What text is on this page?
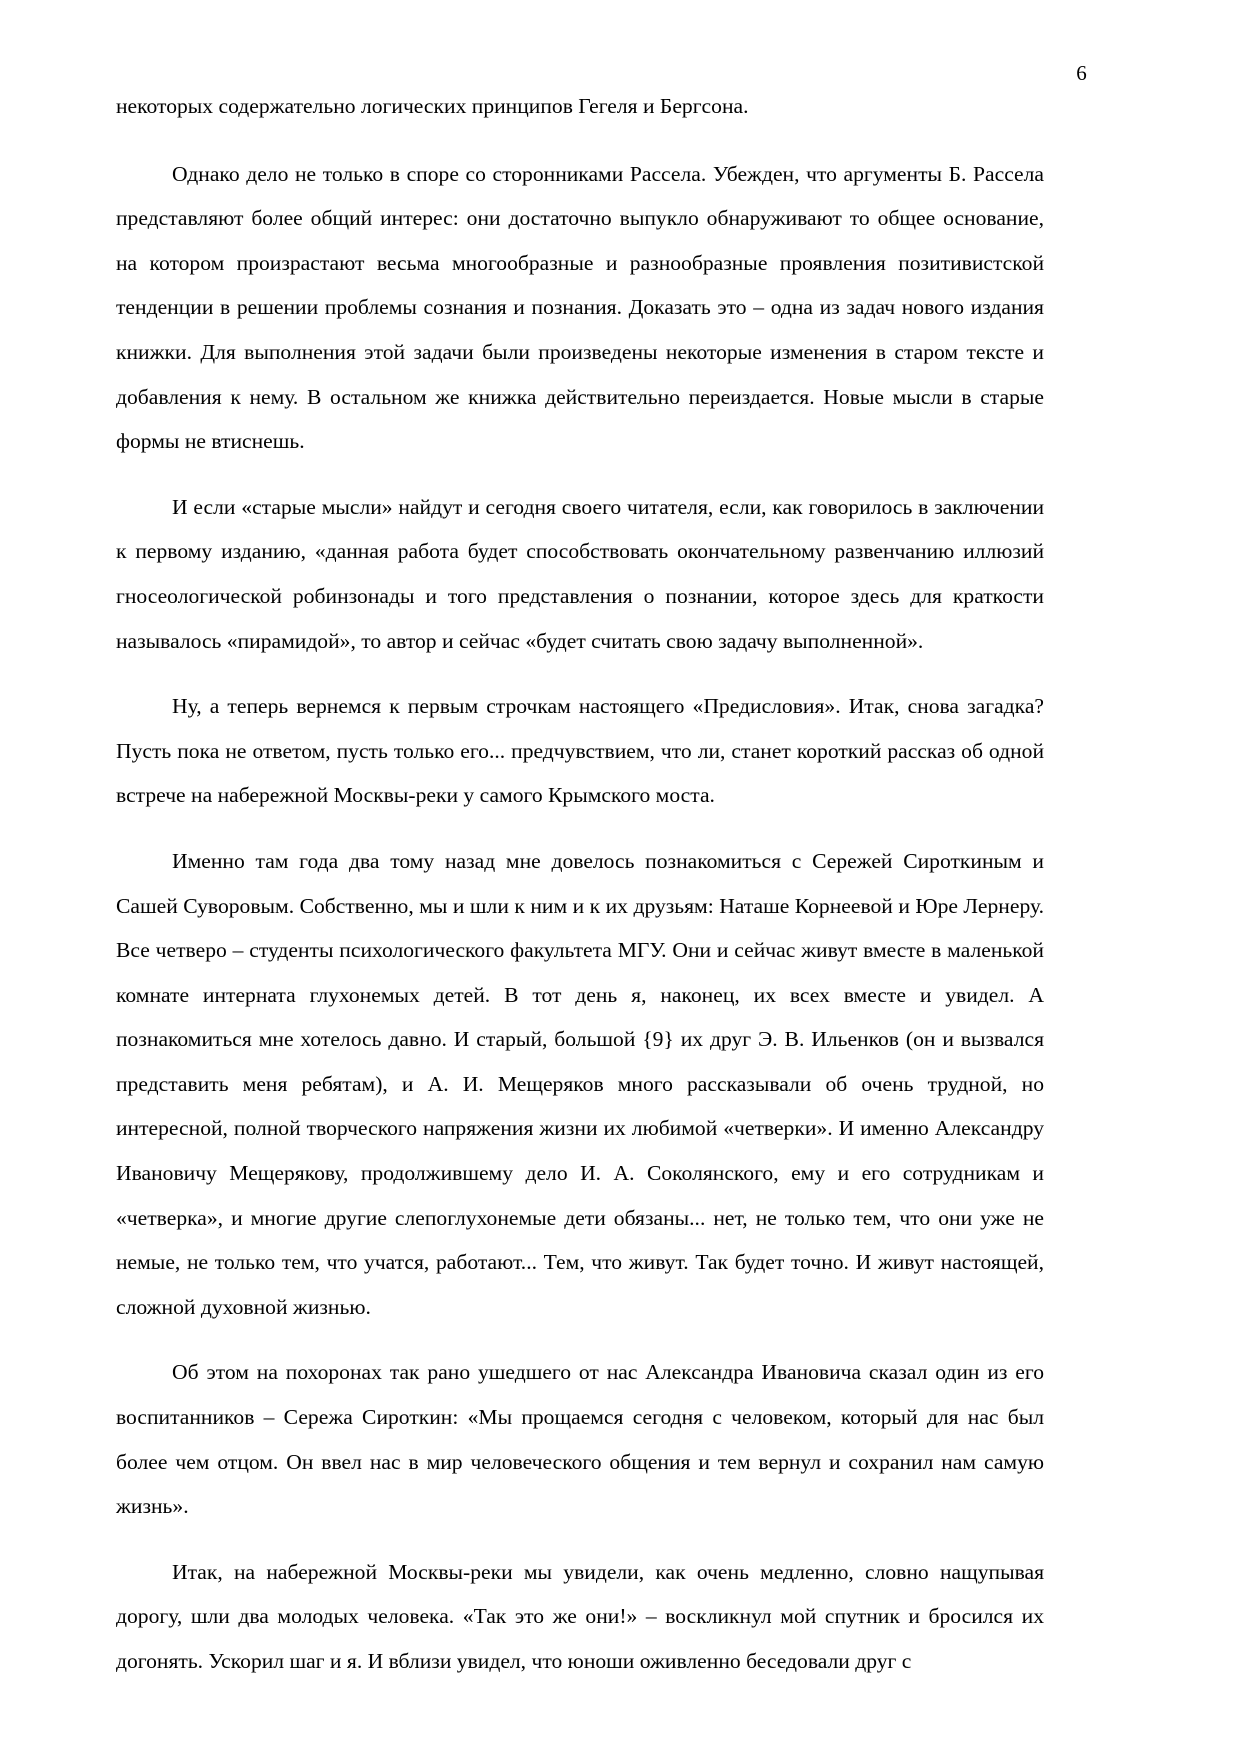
6

некоторых содержательно логических принципов Гегеля и Бергсона.

Однако дело не только в споре со сторонниками Рассела. Убежден, что аргументы Б. Рассела представляют более общий интерес: они достаточно выпукло обнаруживают то общее основание, на котором произрастают весьма многообразные и разнообразные проявления позитивистской тенденции в решении проблемы сознания и познания. Доказать это – одна из задач нового издания книжки. Для выполнения этой задачи были произведены некоторые изменения в старом тексте и добавления к нему. В остальном же книжка действительно переиздается. Новые мысли в старые формы не втиснешь.

И если «старые мысли» найдут и сегодня своего читателя, если, как говорилось в заключении к первому изданию, «данная работа будет способствовать окончательному развенчанию иллюзий гносеологической робинзонады и того представления о познании, которое здесь для краткости называлось «пирамидой», то автор и сейчас «будет считать свою задачу выполненной».

Ну, а теперь вернемся к первым строчкам настоящего «Предисловия». Итак, снова загадка? Пусть пока не ответом, пусть только его... предчувствием, что ли, станет короткий рассказ об одной встрече на набережной Москвы-реки у самого Крымского моста.

Именно там года два тому назад мне довелось познакомиться с Сережей Сироткиным и Сашей Суворовым. Собственно, мы и шли к ним и к их друзьям: Наташе Корнеевой и Юре Лернеру. Все четверо – студенты психологического факультета МГУ. Они и сейчас живут вместе в маленькой комнате интерната глухонемых детей. В тот день я, наконец, их всех вместе и увидел. А познакомиться мне хотелось давно. И старый, большой {9} их друг Э. В. Ильенков (он и вызвался представить меня ребятам), и А. И. Мещеряков много рассказывали об очень трудной, но интересной, полной творческого напряжения жизни их любимой «четверки». И именно Александру Ивановичу Мещерякову, продолжившему дело И. А. Соколянского, ему и его сотрудникам и «четверка», и многие другие слепоглухонемые дети обязаны... нет, не только тем, что они уже не немые, не только тем, что учатся, работают... Тем, что живут. Так будет точно. И живут настоящей, сложной духовной жизнью.

Об этом на похоронах так рано ушедшего от нас Александра Ивановича сказал один из его воспитанников – Сережа Сироткин: «Мы прощаемся сегодня с человеком, который для нас был более чем отцом. Он ввел нас в мир человеческого общения и тем вернул и сохранил нам самую жизнь».

Итак, на набережной Москвы-реки мы увидели, как очень медленно, словно нащупывая дорогу, шли два молодых человека. «Так это же они!» – воскликнул мой спутник и бросился их догонять. Ускорил шаг и я. И вблизи увидел, что юноши оживленно беседовали друг с
